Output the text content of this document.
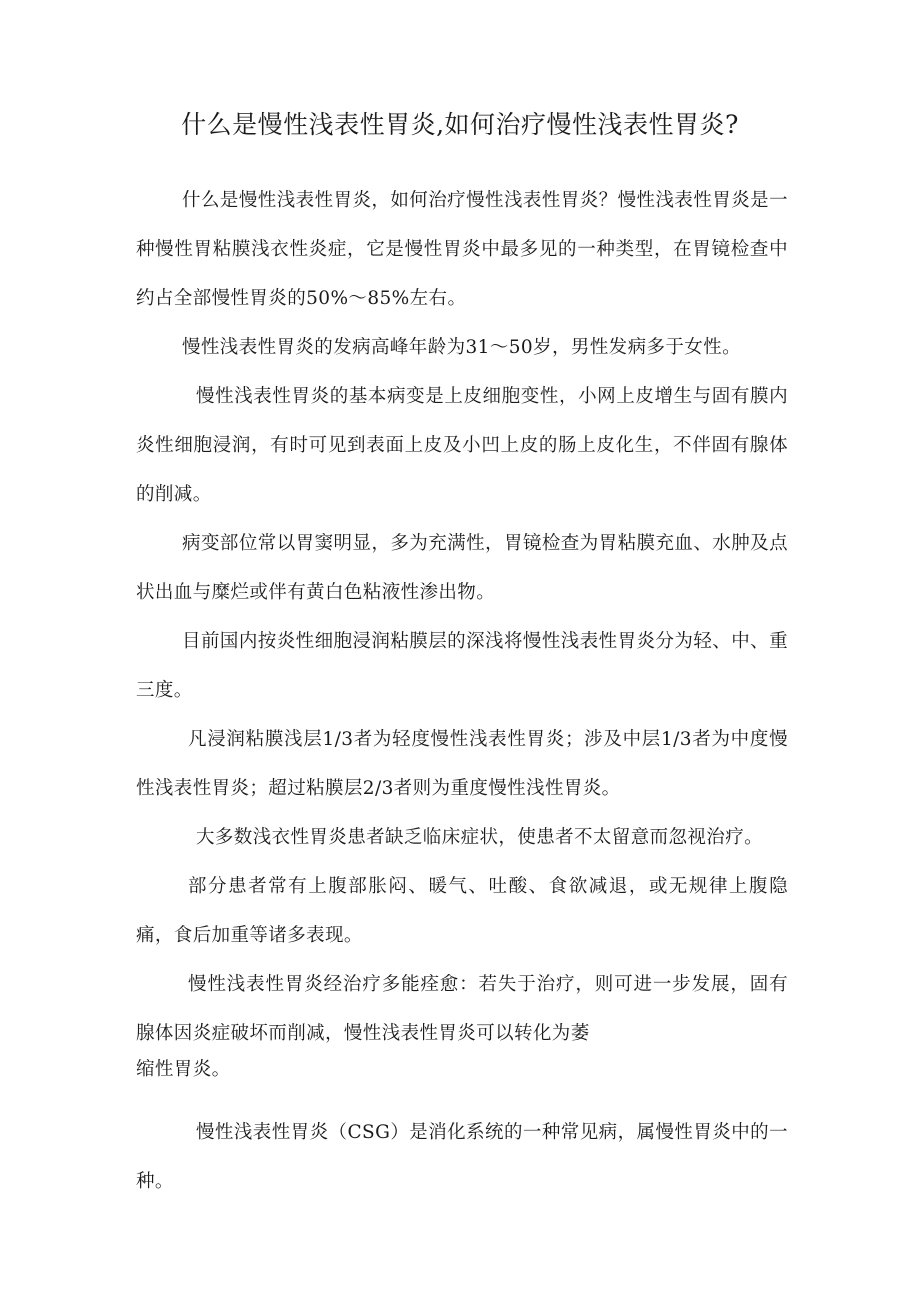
什么是慢性浅表性胃炎,如何治疗慢性浅表性胃炎?

什么是慢性浅表性胃炎，如何治疗慢性浅表性胃炎？慢性浅表性胃炎是一种慢性胃粘膜浅衣性炎症，它是慢性胃炎中最多见的一种类型，在胃镜检查中约占全部慢性胃炎的50%～85%左右。

慢性浅表性胃炎的发病高峰年龄为31～50岁，男性发病多于女性。

慢性浅表性胃炎的基本病变是上皮细胞变性，小网上皮增生与固有膜内炎性细胞浸润，有时可见到表面上皮及小凹上皮的肠上皮化生，不伴固有腺体的削减。

病变部位常以胃窦明显，多为充满性，胃镜检查为胃粘膜充血、水肿及点状出血与糜烂或伴有黄白色粘液性渗出物。

目前国内按炎性细胞浸润粘膜层的深浅将慢性浅表性胃炎分为轻、中、重三度。

凡浸润粘膜浅层1/3者为轻度慢性浅表性胃炎；涉及中层1/3者为中度慢性浅表性胃炎；超过粘膜层2/3者则为重度慢性浅性胃炎。

大多数浅衣性胃炎患者缺乏临床症状，使患者不太留意而忽视治疗。

部分患者常有上腹部胀闷、暖气、吐酸、食欲减退，或无规律上腹隐痛，食后加重等诸多表现。

慢性浅表性胃炎经治疗多能痊愈：若失于治疗，则可进一步发展，固有腺体因炎症破坏而削减，慢性浅表性胃炎可以转化为萎

缩性胃炎。

慢性浅表性胃炎（CSG）是消化系统的一种常见病，属慢性胃炎中的一种。
